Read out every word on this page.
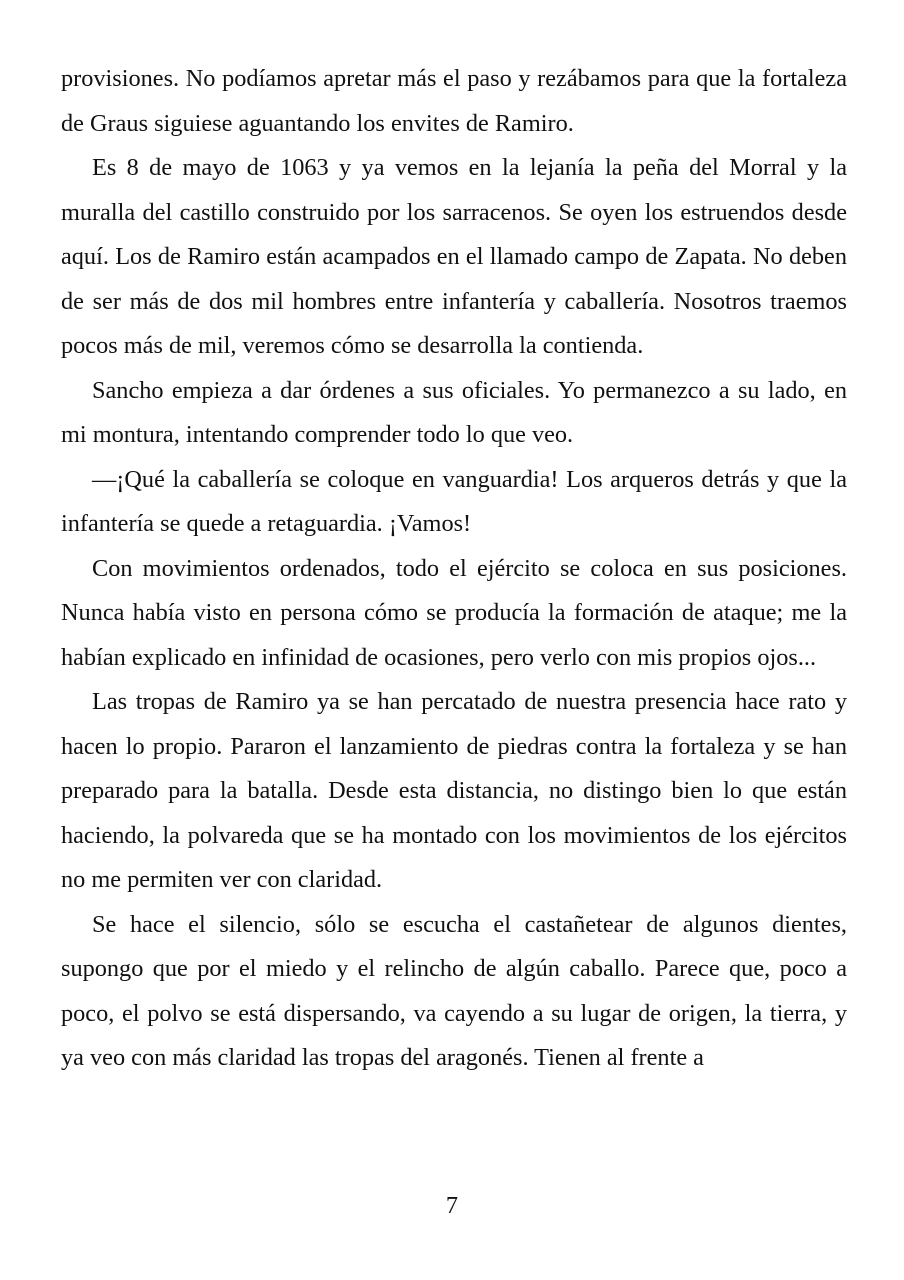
provisiones. No podíamos apretar más el paso y rezábamos para que la fortaleza de Graus siguiese aguantando los envites de Ramiro.

Es 8 de mayo de 1063 y ya vemos en la lejanía la peña del Morral y la muralla del castillo construido por los sarracenos. Se oyen los estruendos desde aquí. Los de Ramiro están acampados en el llamado campo de Zapata. No deben de ser más de dos mil hombres entre infantería y caballería. Nosotros traemos pocos más de mil, veremos cómo se desarrolla la contienda.

Sancho empieza a dar órdenes a sus oficiales. Yo permanezco a su lado, en mi montura, intentando comprender todo lo que veo.

—¡Qué la caballería se coloque en vanguardia! Los arqueros detrás y que la infantería se quede a retaguardia. ¡Vamos!

Con movimientos ordenados, todo el ejército se coloca en sus posiciones. Nunca había visto en persona cómo se producía la formación de ataque; me la habían explicado en infinidad de ocasiones, pero verlo con mis propios ojos...

Las tropas de Ramiro ya se han percatado de nuestra presencia hace rato y hacen lo propio. Pararon el lanzamiento de piedras contra la fortaleza y se han preparado para la batalla. Desde esta distancia, no distingo bien lo que están haciendo, la polvareda que se ha montado con los movimientos de los ejércitos no me permiten ver con claridad.

Se hace el silencio, sólo se escucha el castañetear de algunos dientes, supongo que por el miedo y el relincho de algún caballo. Parece que, poco a poco, el polvo se está dispersando, va cayendo a su lugar de origen, la tierra, y ya veo con más claridad las tropas del aragonés. Tienen al frente a

7
